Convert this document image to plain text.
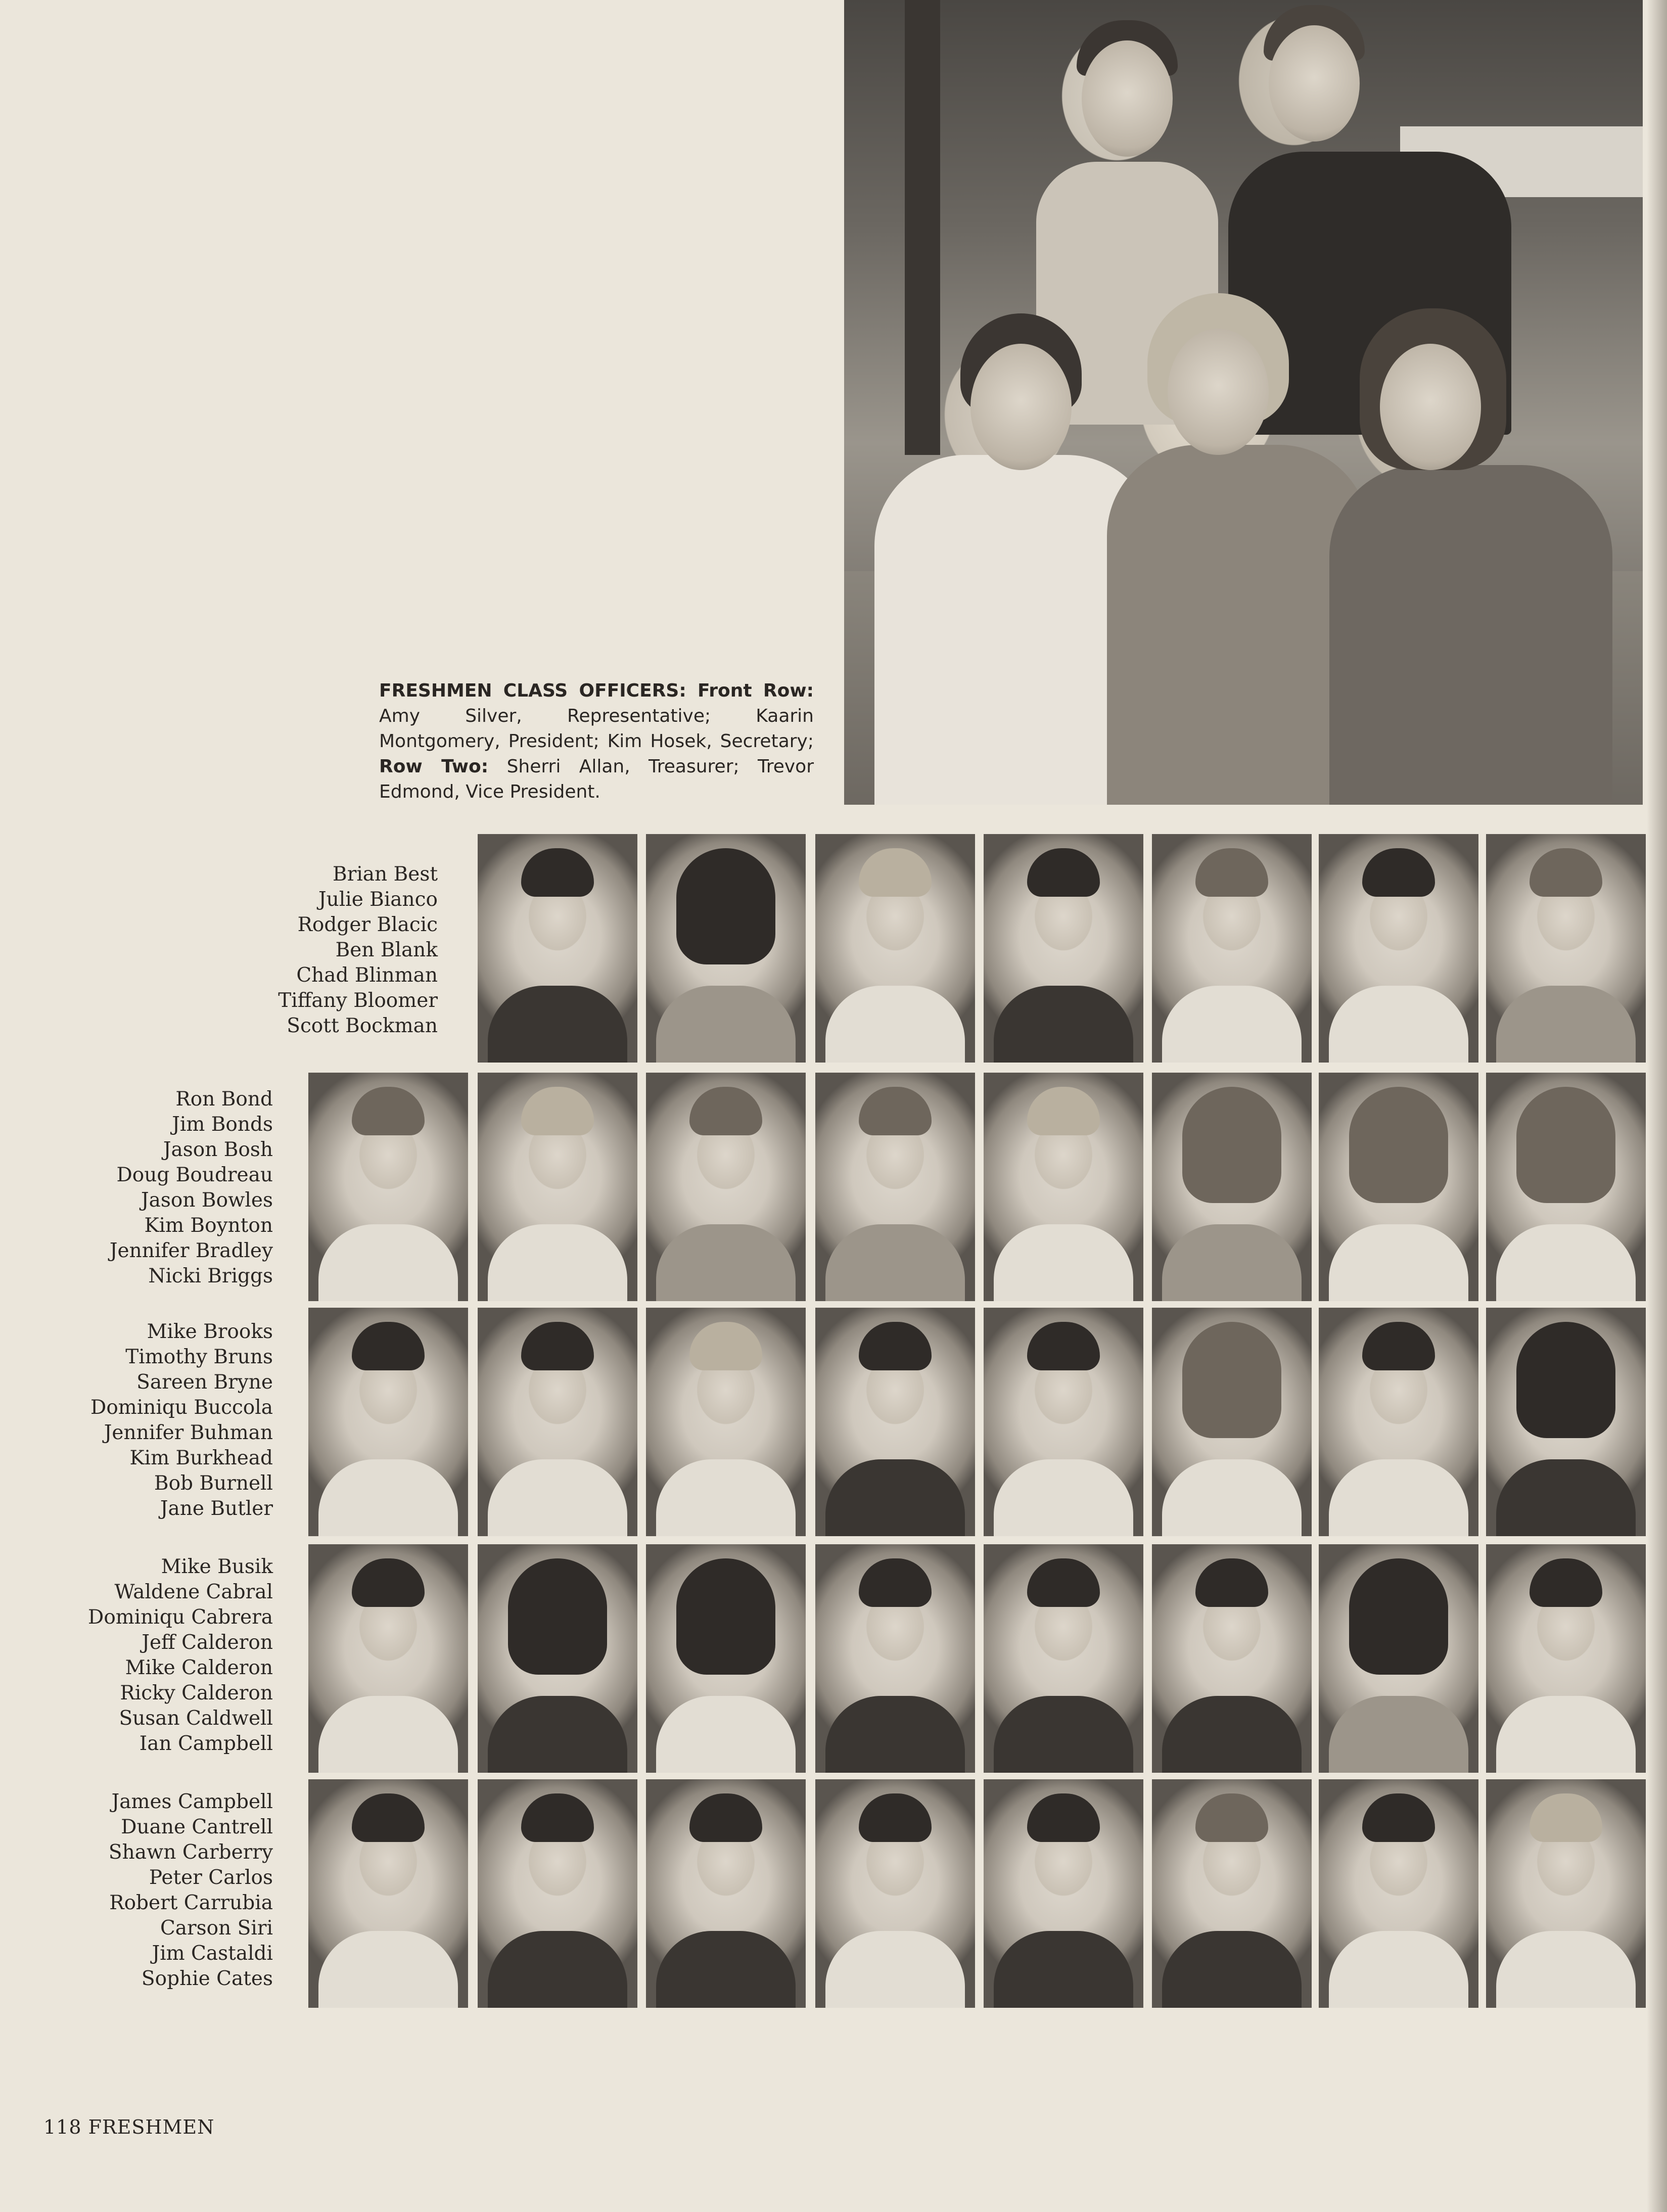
FRESHMEN CLASS OFFICERS: Front Row: Amy Silver, Representative; Kaarin Montgomery, President; Kim Hosek, Secretary; Row Two: Sherri Allan, Treasurer; Trevor Edmond, Vice President.
Brian Best
Julie Bianco
Rodger Blacic
Ben Blank
Chad Blinman
Tiffany Bloomer
Scott Bockman
Ron Bond
Jim Bonds
Jason Bosh
Doug Boudreau
Jason Bowles
Kim Boynton
Jennifer Bradley
Nicki Briggs
Mike Brooks
Timothy Bruns
Sareen Bryne
Dominiqu Buccola
Jennifer Buhman
Kim Burkhead
Bob Burnell
Jane Butler
Mike Busik
Waldene Cabral
Dominiqu Cabrera
Jeff Calderon
Mike Calderon
Ricky Calderon
Susan Caldwell
Ian Campbell
James Campbell
Duane Cantrell
Shawn Carberry
Peter Carlos
Robert Carrubia
Carson Siri
Jim Castaldi
Sophie Cates
118 FRESHMEN
